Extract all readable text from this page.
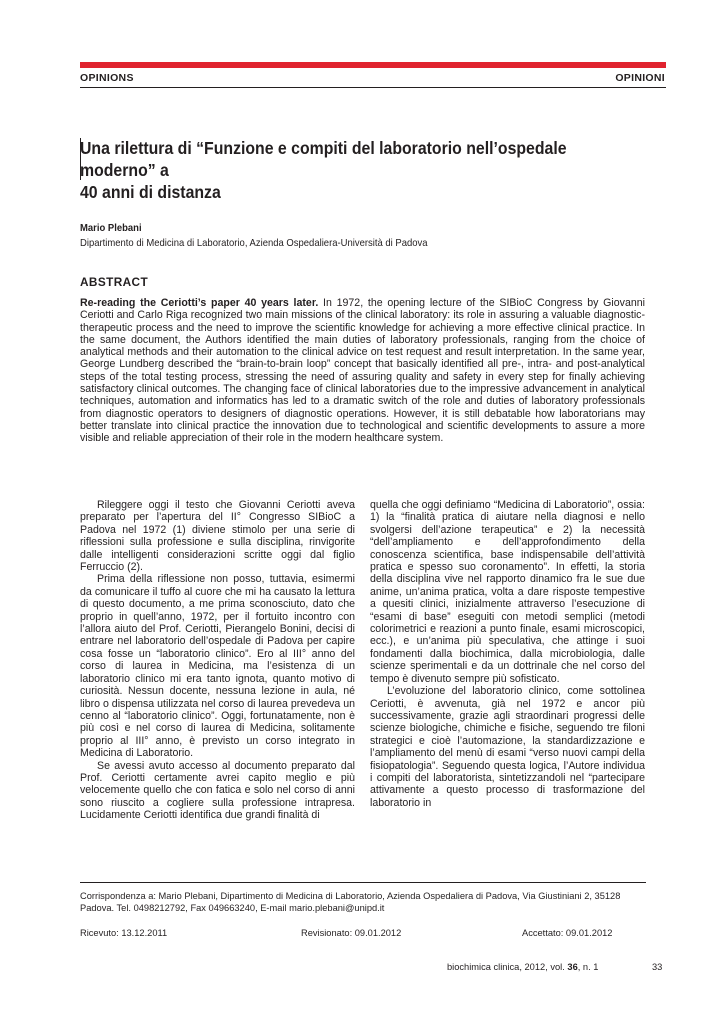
OPINIONS	OPINIONI
Una rilettura di “Funzione e compiti del laboratorio nell’ospedale moderno” a
40 anni di distanza
Mario Plebani
Dipartimento di Medicina di Laboratorio, Azienda Ospedaliera-Università di Padova
ABSTRACT

Re-reading the Ceriotti’s paper 40 years later. In 1972, the opening lecture of the SIBioC Congress by Giovanni Ceriotti and Carlo Riga recognized two main missions of the clinical laboratory: its role in assuring a valuable diagnostic-therapeutic process and the need to improve the scientific knowledge for achieving a more effective clinical practice. In the same document, the Authors identified the main duties of laboratory professionals, ranging from the choice of analytical methods and their automation to the clinical advice on test request and result interpretation. In the same year, George Lundberg described the “brain-to-brain loop” concept that basically identified all pre-, intra- and post-analytical steps of the total testing process, stressing the need of assuring quality and safety in every step for finally achieving satisfactory clinical outcomes. The changing face of clinical laboratories due to the impressive advancement in analytical techniques, automation and informatics has led to a dramatic switch of the role and duties of laboratory professionals from diagnostic operators to designers of diagnostic operations. However, it is still debatable how laboratorians may better translate into clinical practice the innovation due to technological and scientific developments to assure a more visible and reliable appreciation of their role in the modern healthcare system.

Rileggere oggi il testo che Giovanni Ceriotti aveva preparato per l’apertura del II° Congresso SIBioC a Padova nel 1972 (1) diviene stimolo per una serie di riflessioni sulla professione e sulla disciplina, rinvigorite dalle intelligenti considerazioni scritte oggi dal figlio Ferruccio (2).

Prima della riflessione non posso, tuttavia, esimermi da comunicare il tuffo al cuore che mi ha causato la lettura di questo documento, a me prima sconosciuto, dato che proprio in quell’anno, 1972, per il fortuito incontro con l’allora aiuto del Prof. Ceriotti, Pierangelo Bonini, decisi di entrare nel laboratorio dell’ospedale di Padova per capire cosa fosse un “laboratorio clinico”. Ero al III° anno del corso di laurea in Medicina, ma l’esistenza di un laboratorio clinico mi era tanto ignota, quanto motivo di curiosità. Nessun docente, nessuna lezione in aula, né libro o dispensa utilizzata nel corso di laurea prevedeva un cenno al “laboratorio clinico”. Oggi, fortunatamente, non è più così e nel corso di laurea di Medicina, solitamente proprio al III° anno, è previsto un corso integrato in Medicina di Laboratorio.

Se avessi avuto accesso al documento preparato dal Prof. Ceriotti certamente avrei capito meglio e più velocemente quello che con fatica e solo nel corso di anni sono riuscito a cogliere sulla professione intrapresa. Lucidamente Ceriotti identifica due grandi finalità di

quella che oggi definiamo “Medicina di Laboratorio”, ossia: 1) la “finalità pratica di aiutare nella diagnosi e nello svolgersi dell’azione terapeutica” e 2) la necessità “dell’ampliamento e dell’approfondimento della conoscenza scientifica, base indispensabile dell’attività pratica e spesso suo coronamento”. In effetti, la storia della disciplina vive nel rapporto dinamico fra le sue due anime, un’anima pratica, volta a dare risposte tempestive a quesiti clinici, inizialmente attraverso l’esecuzione di “esami di base” eseguiti con metodi semplici (metodi colorimetrici e reazioni a punto finale, esami microscopici, ecc.), e un’anima più speculativa, che attinge i suoi fondamenti dalla biochimica, dalla microbiologia, dalle scienze sperimentali e da un dottrinale che nel corso del tempo è divenuto sempre più sofisticato.

L’evoluzione del laboratorio clinico, come sottolinea Ceriotti, è avvenuta, già nel 1972 e ancor più successivamente, grazie agli straordinari progressi delle scienze biologiche, chimiche e fisiche, seguendo tre filoni strategici e cioè l’automazione, la standardizzazione e l’ampliamento del menù di esami “verso nuovi campi della fisiopatologia”. Seguendo questa logica, l’Autore individua i compiti del laboratorista, sintetizzandoli nel “partecipare attivamente a questo processo di trasformazione del laboratorio in

Corrispondenza a: Mario Plebani, Dipartimento di Medicina di Laboratorio, Azienda Ospedaliera di Padova, Via Giustiniani 2, 35128 Padova. Tel. 0498212792, Fax 049663240, E-mail mario.plebani@unipd.it

Ricevuto: 13.12.2011	Revisionato: 09.01.2012	Accettato: 09.01.2012
biochimica clinica, 2012, vol. 36, n. 1	33
